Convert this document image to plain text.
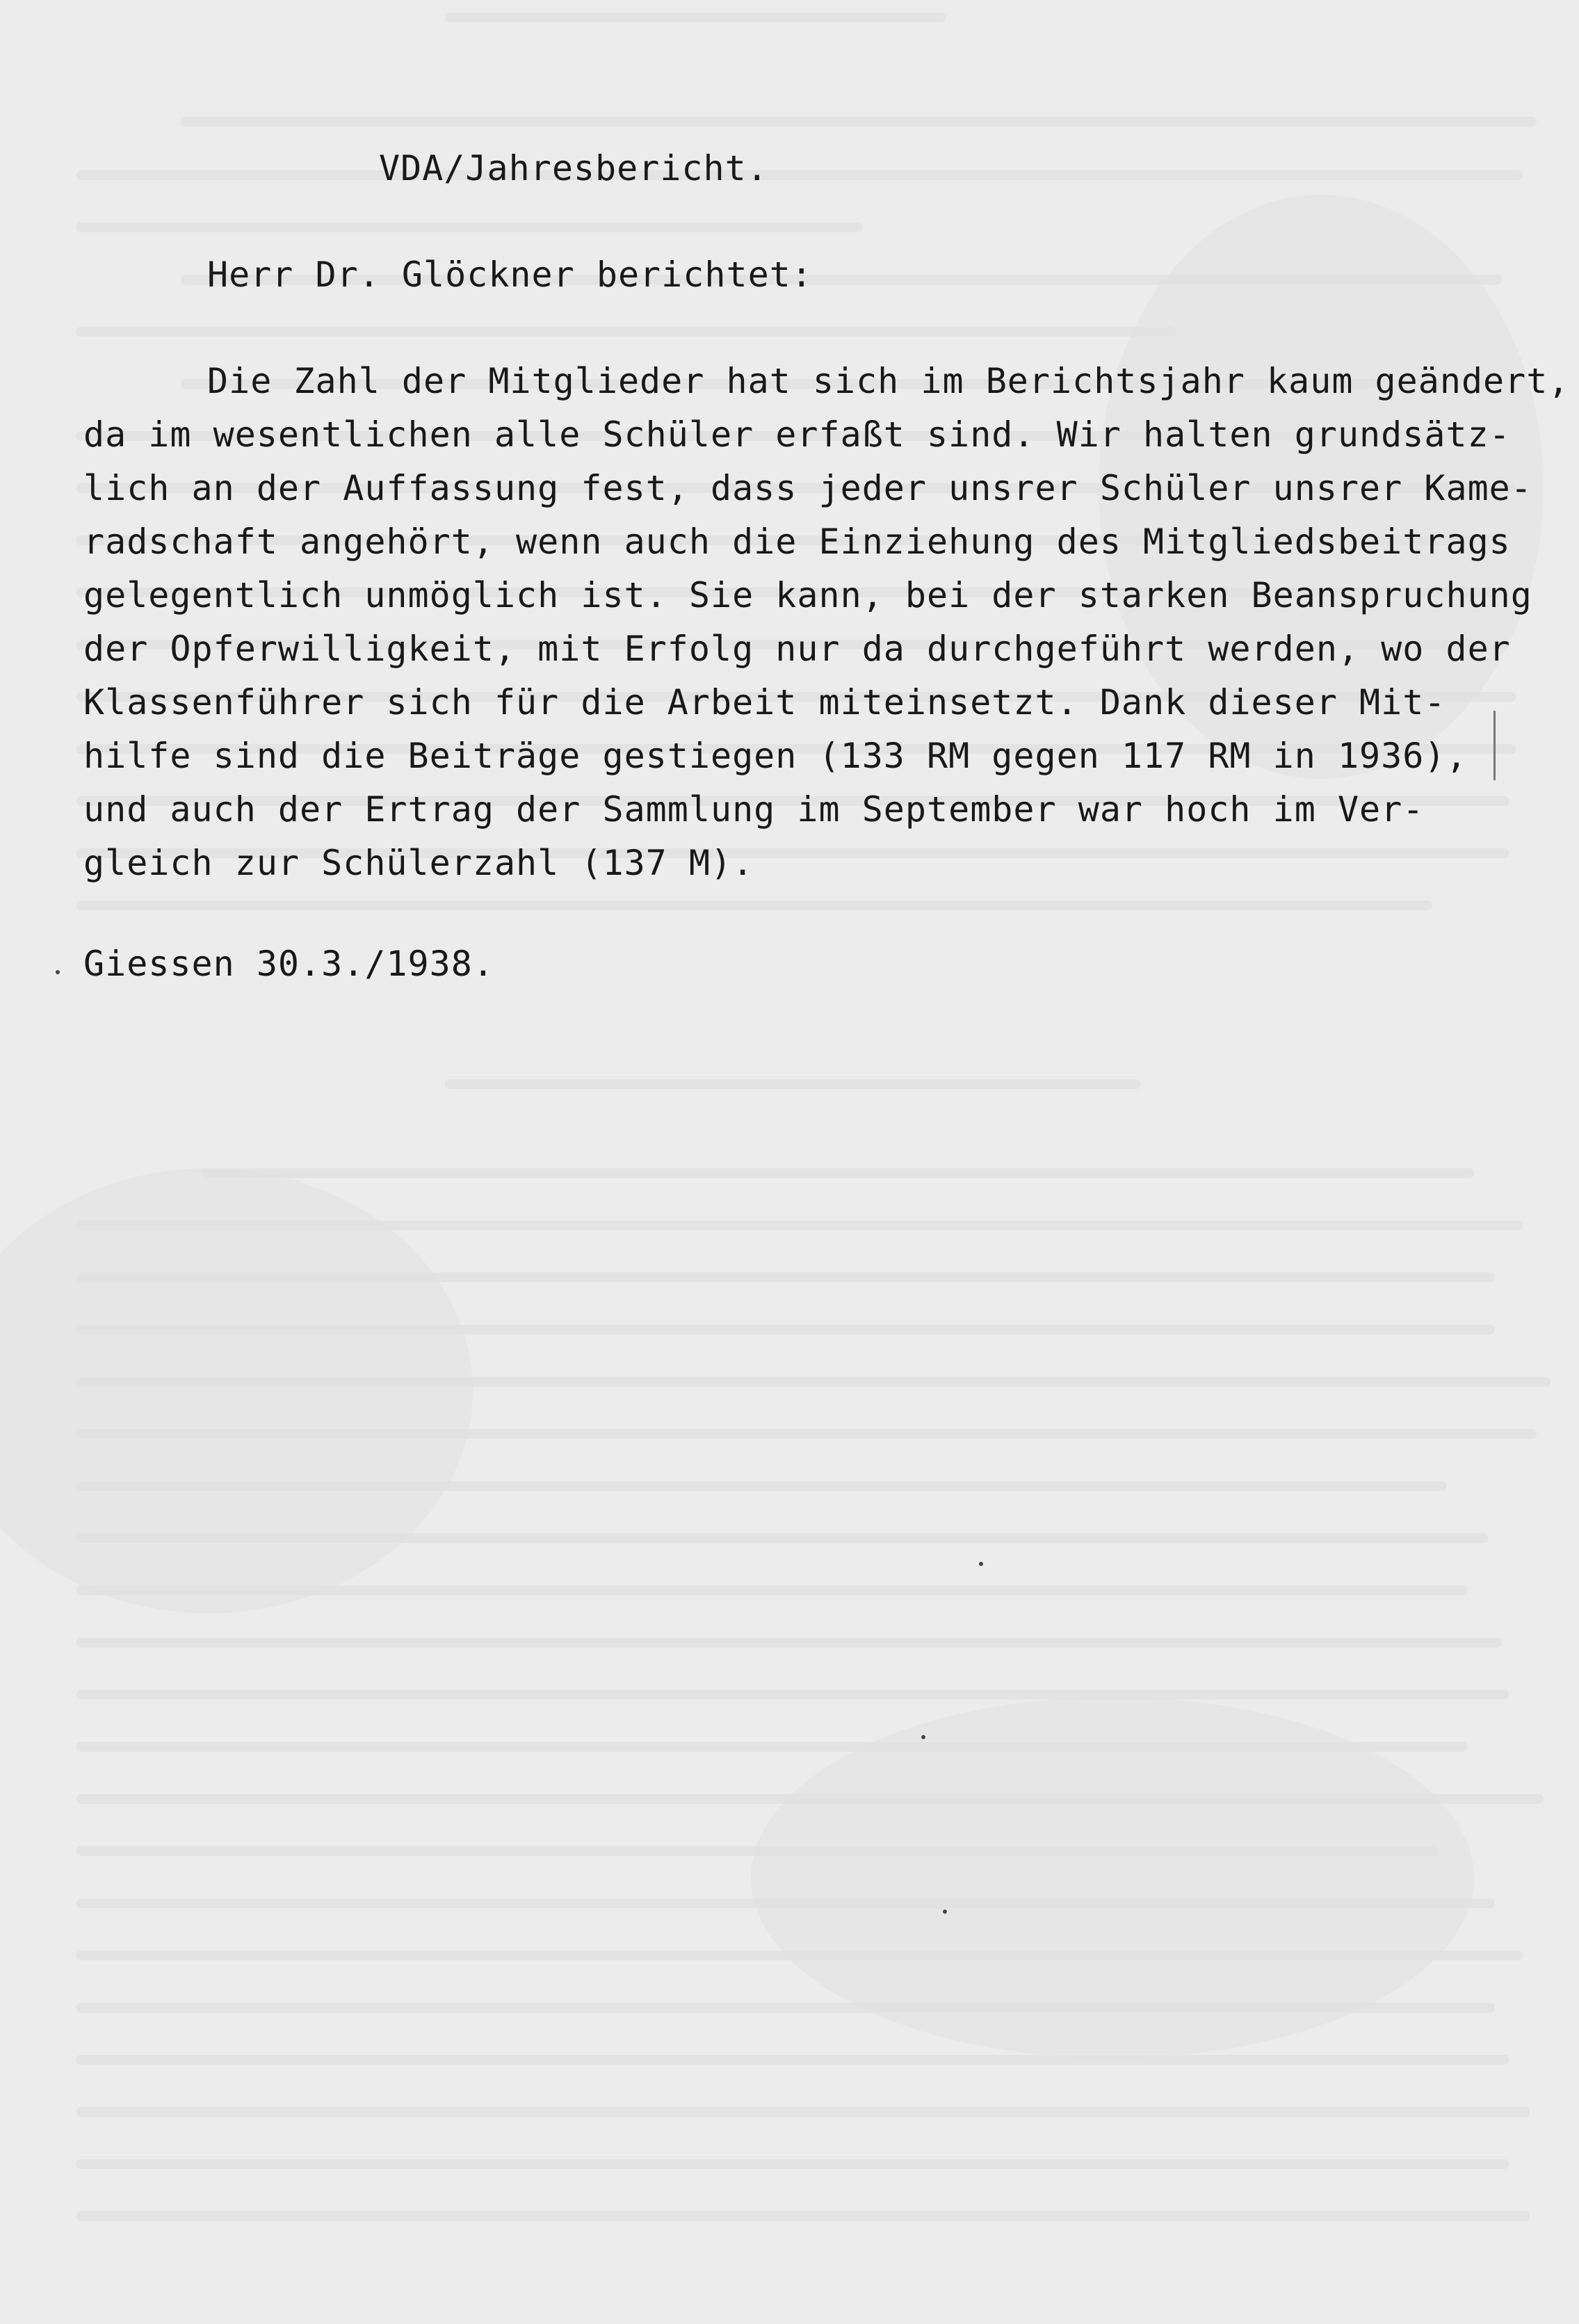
VDA/Jahresbericht.
Herr Dr. Glöckner berichtet:
Die Zahl der Mitglieder hat sich im Berichtsjahr kaum geändert,
da im wesentlichen alle Schüler erfaßt sind. Wir halten grundsätz-
lich an der Auffassung fest, dass jeder unsrer Schüler unsrer Kame-
radschaft angehört, wenn auch die Einziehung des Mitgliedsbeitrags
gelegentlich unmöglich ist. Sie kann, bei der starken Beanspruchung
der Opferwilligkeit, mit Erfolg nur da durchgeführt werden, wo der
Klassenführer sich für die Arbeit miteinsetzt. Dank dieser Mit-
hilfe sind die Beiträge gestiegen (133 RM gegen 117 RM in 1936),
und auch der Ertrag der Sammlung im September war hoch im Ver-
gleich zur Schülerzahl (137 M).
Giessen 30.3./1938.
